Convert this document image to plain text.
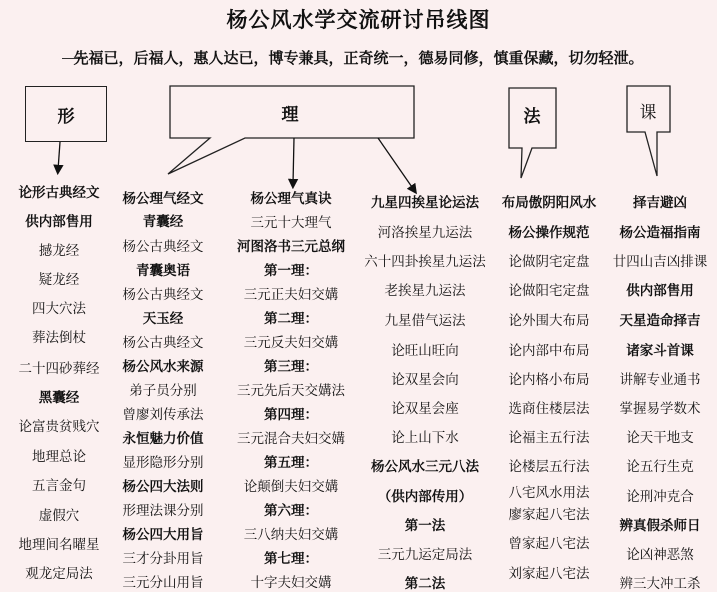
杨公风水学交流研讨吊线图
先福已，后福人，惠人达已，博专兼具，正奇统一，德易同修，慎重保藏，切勿轻泄。
形	理	法	课
论形古典经文
供内部售用
撼龙经
疑龙经
四大穴法
葬法倒杖
二十四砂葬经
黑囊经
论富贵贫贱穴
地理总论
五言金句
虚假穴
地理间名曜星
观龙定局法
杨公理气经文
青囊经
杨公古典经文
青囊奥语
杨公古典经文
天玉经
杨公古典经文
杨公风水来源
弟子员分别
曾廖刘传承法
永恒魅力价值
显形隐形分别
杨公四大法则
形理法课分别
杨公四大用旨
三才分卦用旨
三元分山用旨
杨公理气真诀
三元十大理气
河图洛书三元总纲
第一理：
三元正夫妇交媾
第二理：
三元反夫妇交媾
第三理：
三元先后天交媾法
第四理：
三元混合夫妇交媾
第五理：
论颠倒夫妇交媾
第六理：
三八纳夫妇交媾
第七理：
十字夫妇交媾
九星四挨星论运法
河洛挨星九运法
六十四卦挨星九运法
老挨星九运法
九星借气运法
论旺山旺向
论双星会向
论双星会座
论上山下水
杨公风水三元八法
（供内部传用）
第一法
三元九运定局法
第二法
布局傲阴阳风水
杨公操作规范
论做阴宅定盘
论做阳宅定盘
论外围大布局
论内部中布局
论内格小布局
选商住楼层法
论福主五行法
论楼层五行法
八宅风水用法
廖家起八宅法
曾家起八宅法
刘家起八宅法
择吉避凶
杨公造福指南
廿四山吉凶排课
供内部售用
天星造命择吉
诸家斗首课
讲解专业通书
掌握易学数术
论天干地支
论五行生克
论刑冲克合
辨真假杀师日
论凶神恶煞
辨三大冲工杀
